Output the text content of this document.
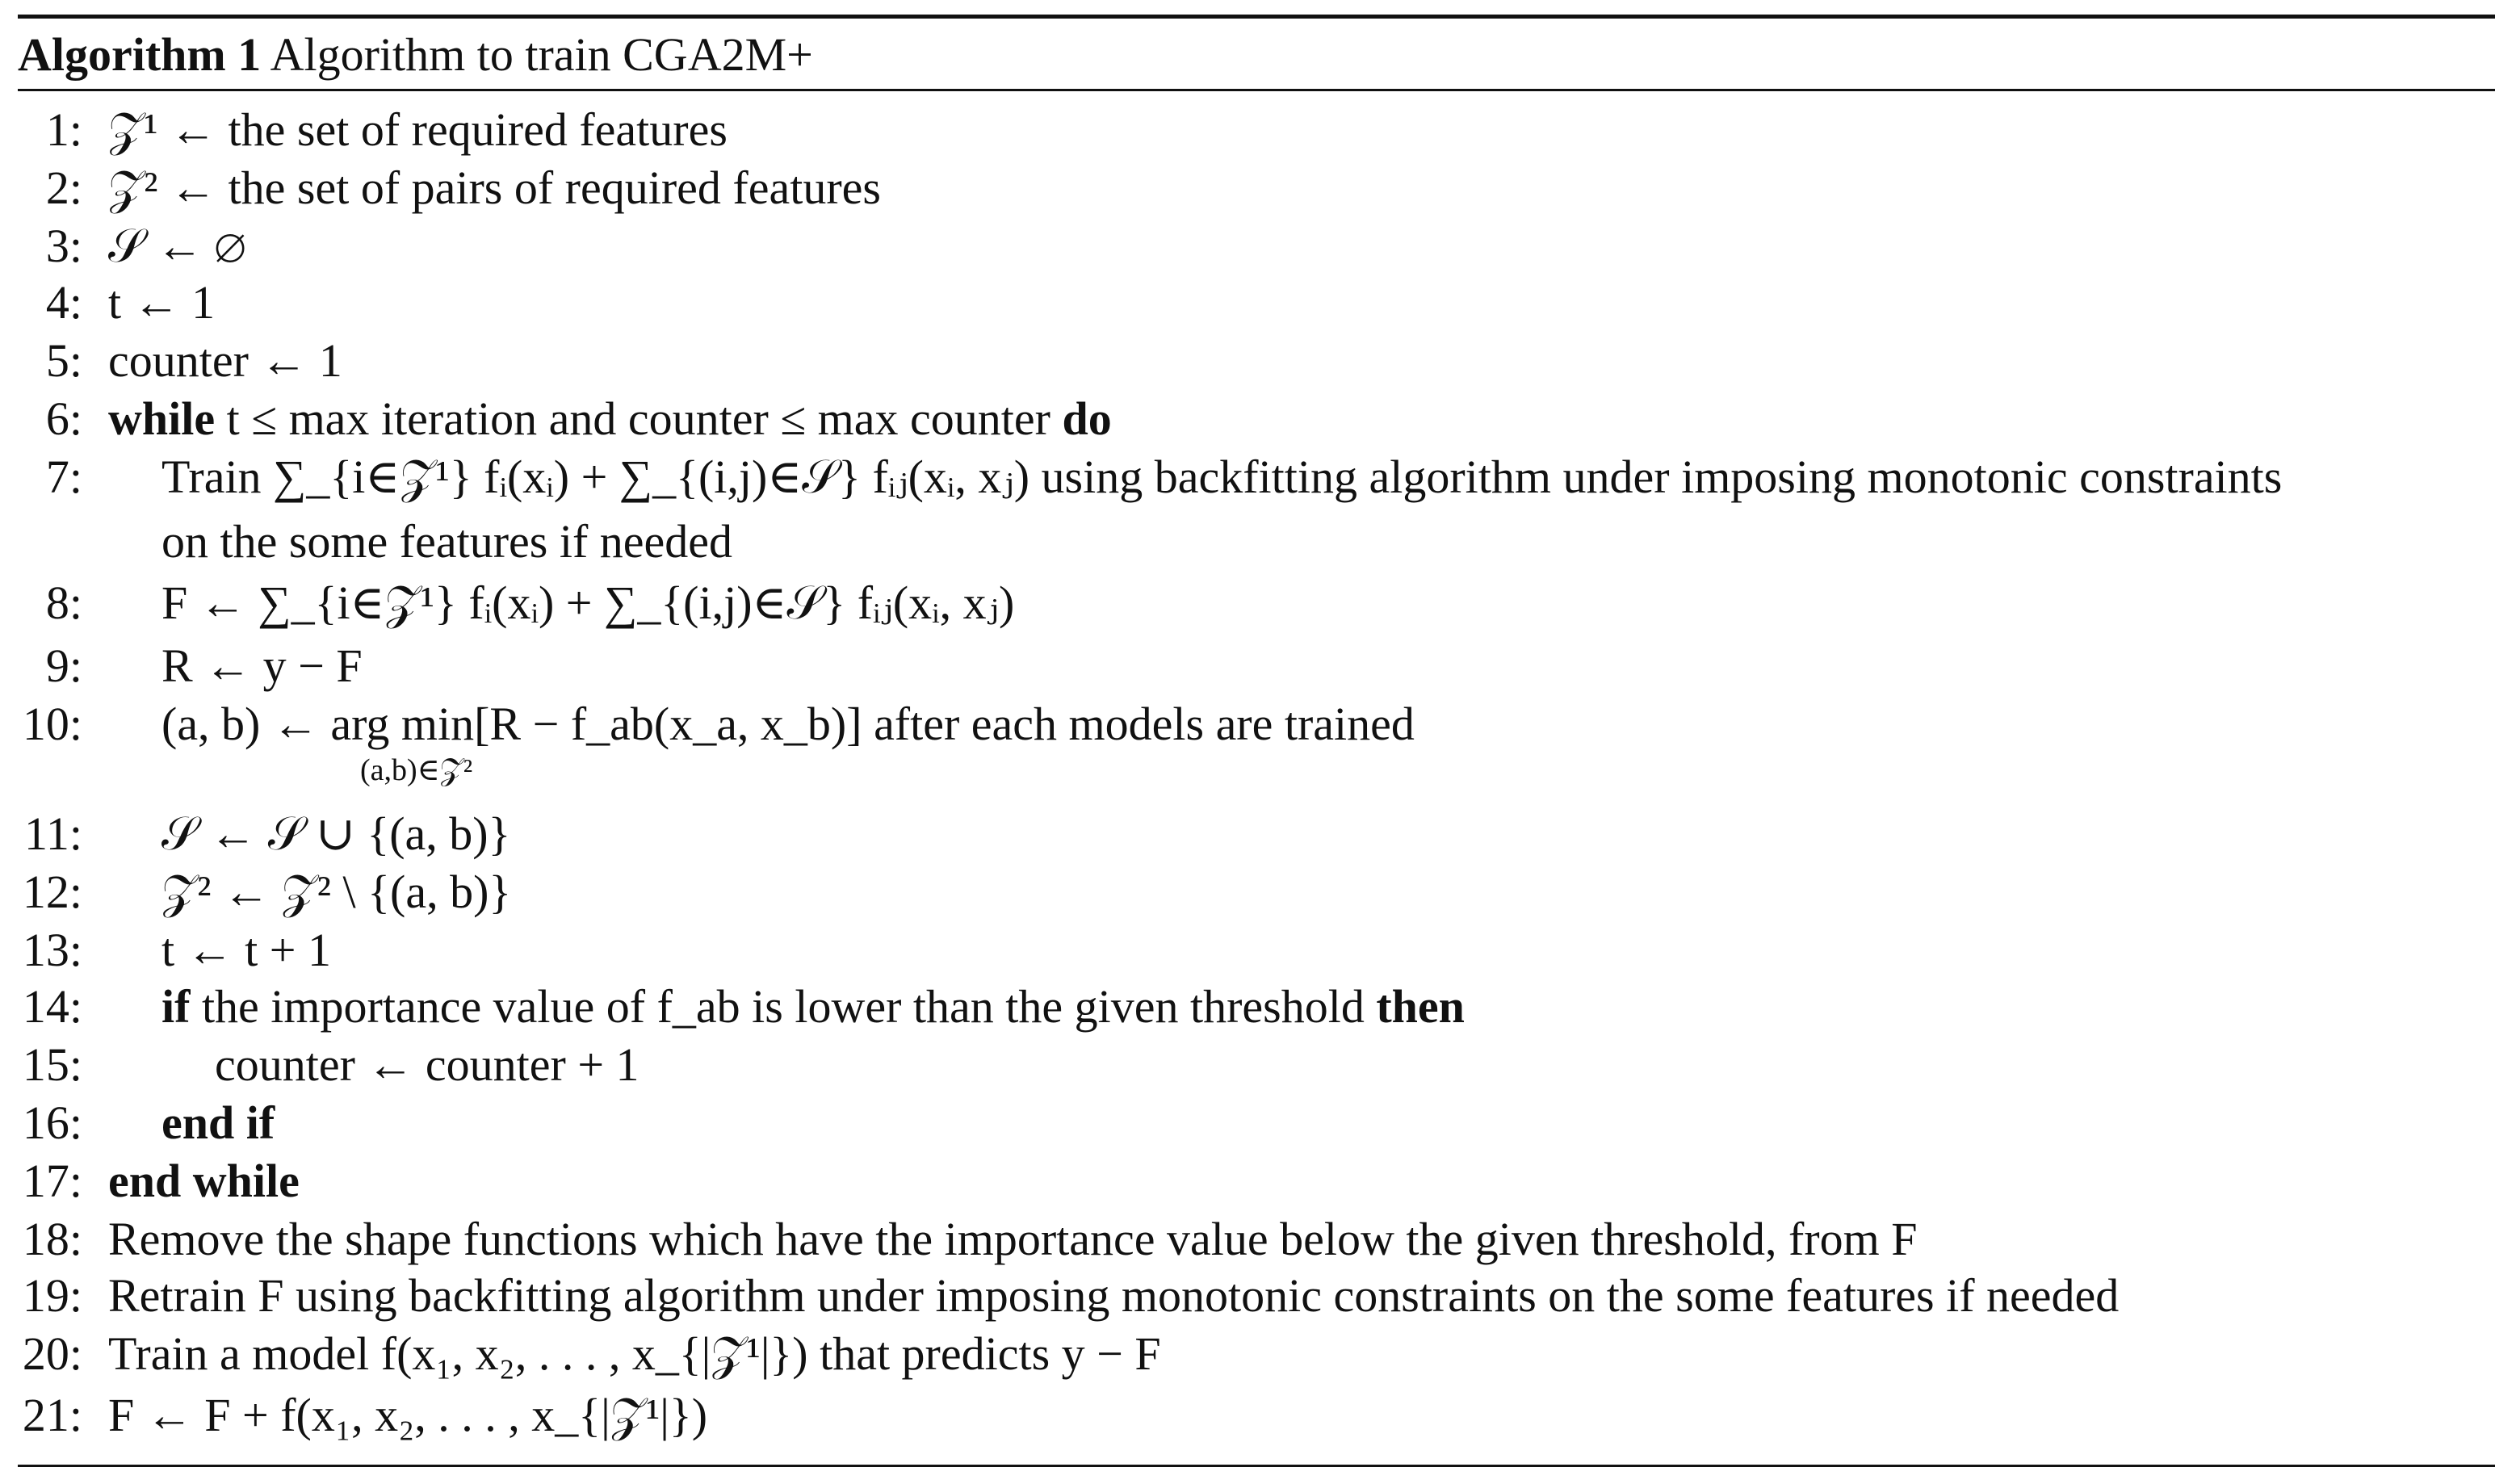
Algorithm 1 Algorithm to train CGA2M+
1: 𝒵¹ ← the set of required features
2: 𝒵² ← the set of pairs of required features
3: 𝒮 ← ∅
4: t ← 1
5: counter ← 1
6: while t ≤ max iteration and counter ≤ max counter do
7: Train ∑_{i∈𝒵¹} fᵢ(xᵢ) + ∑_{(i,j)∈𝒮} fᵢⱼ(xᵢ, xⱼ) using backfitting algorithm under imposing monotonic constraints
on the some features if needed
8: F ← ∑_{i∈𝒵¹} fᵢ(xᵢ) + ∑_{(i,j)∈𝒮} fᵢⱼ(xᵢ, xⱼ)
9: R ← y − F
10: (a, b) ← arg min[R − f_ab(x_a, x_b)] after each models are trained
(a,b)∈𝒵²
11: 𝒮 ← 𝒮 ∪ {(a, b)}
12: 𝒵² ← 𝒵² \ {(a, b)}
13: t ← t + 1
14: if the importance value of f_ab is lower than the given threshold then
15:	counter ← counter + 1
16: end if
17: end while
18: Remove the shape functions which have the importance value below the given threshold, from F
19: Retrain F using backfitting algorithm under imposing monotonic constraints on the some features if needed
20: Train a model f(x₁, x₂, . . . , x_{|𝒵¹|}) that predicts y − F
21: F ← F + f(x₁, x₂, . . . , x_{|𝒵¹|})
